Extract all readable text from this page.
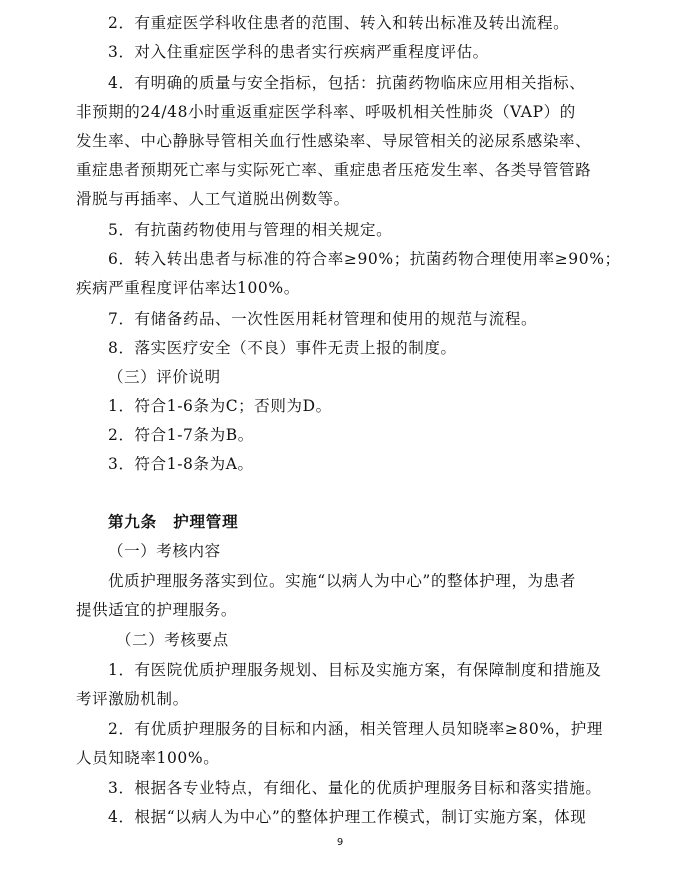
2．有重症医学科收住患者的范围、转入和转出标准及转出流程。
3．对入住重症医学科的患者实行疾病严重程度评估。
4．有明确的质量与安全指标，包括：抗菌药物临床应用相关指标、
非预期的24/48小时重返重症医学科率、呼吸机相关性肺炎（VAP）的
发生率、中心静脉导管相关血行性感染率、导尿管相关的泌尿系感染率、
重症患者预期死亡率与实际死亡率、重症患者压疮发生率、各类导管管路
滑脱与再插率、人工气道脱出例数等。
5．有抗菌药物使用与管理的相关规定。
6．转入转出患者与标准的符合率≥90%；抗菌药物合理使用率≥90%；
疾病严重程度评估率达100%。
7．有储备药品、一次性医用耗材管理和使用的规范与流程。
8．落实医疗安全（不良）事件无责上报的制度。
（三）评价说明
1．符合1-6条为C；否则为D。
2．符合1-7条为B。
3．符合1-8条为A。
第九条　护理管理
（一）考核内容
优质护理服务落实到位。实施“以病人为中心”的整体护理，为患者
提供适宜的护理服务。
（二）考核要点
1．有医院优质护理服务规划、目标及实施方案，有保障制度和措施及
考评激励机制。
2．有优质护理服务的目标和内涵，相关管理人员知晓率≥80%，护理
人员知晓率100%。
3．根据各专业特点，有细化、量化的优质护理服务目标和落实措施。
4．根据“以病人为中心”的整体护理工作模式，制订实施方案，体现
9
